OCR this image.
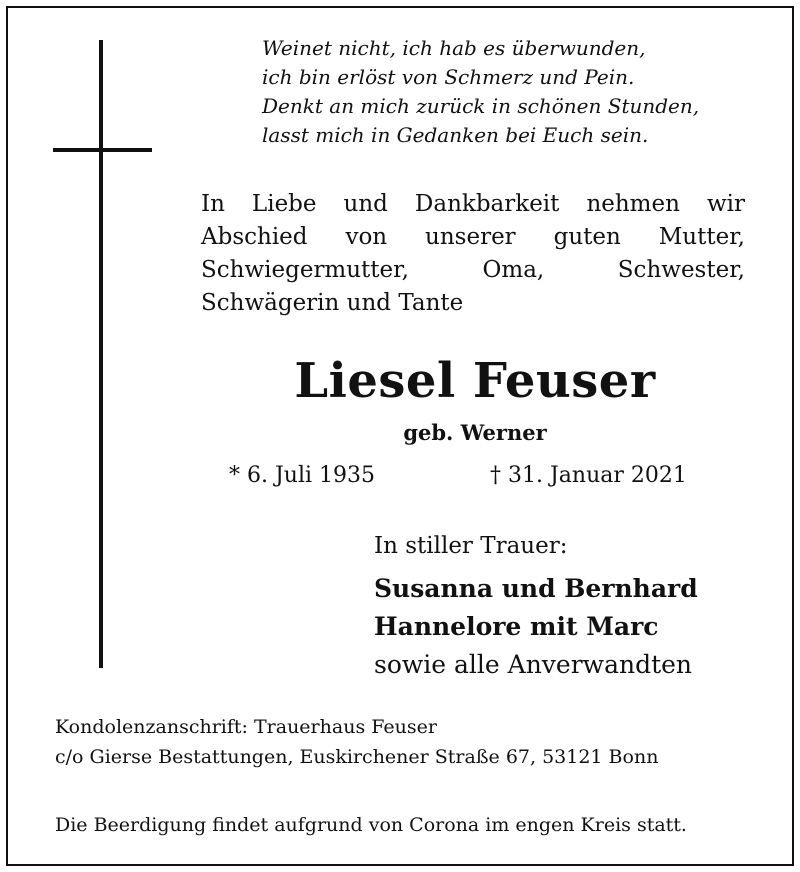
Weinet nicht, ich hab es überwunden,
ich bin erlöst von Schmerz und Pein.
Denkt an mich zurück in schönen Stunden,
lasst mich in Gedanken bei Euch sein.
In Liebe und Dankbarkeit nehmen wir
Abschied von unserer guten Mutter,
Schwiegermutter, Oma, Schwester,
Schwägerin und Tante
Liesel Feuser
geb. Werner
* 6. Juli 1935	† 31. Januar 2021
In stiller Trauer:
Susanna und Bernhard
Hannelore mit Marc
sowie alle Anverwandten
Kondolenzanschrift: Trauerhaus Feuser
c/o Gierse Bestattungen, Euskirchener Straße 67, 53121 Bonn
Die Beerdigung findet aufgrund von Corona im engen Kreis statt.
